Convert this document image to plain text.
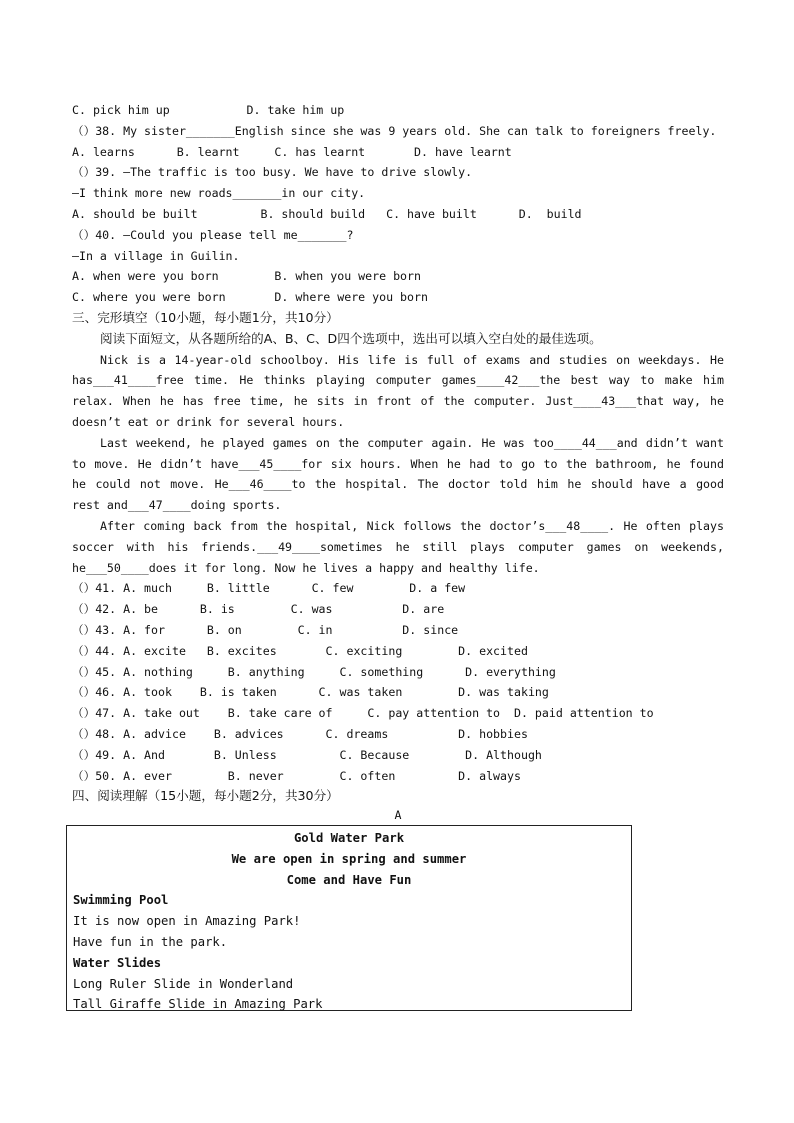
C. pick him up           D. take him up
（）38. My sister_______English since she was 9 years old. She can talk to foreigners freely.
A. learns      B. learnt     C. has learnt       D. have learnt
（）39. —The traffic is too busy. We have to drive slowly.
—I think more new roads_______in our city.
A. should be built         B. should build   C. have built      D.  build
（）40. —Could you please tell me_______?
—In a village in Guilin.
A. when were you born        B. when you were born
C. where you were born       D. where were you born
三、完形填空（10小题，每小题1分，共10分）
阅读下面短文，从各题所给的A、B、C、D四个选项中，选出可以填入空白处的最佳选项。
Nick is a 14-year-old schoolboy. His life is full of exams and studies on weekdays. He
has___41____free time. He thinks playing computer games____42___the best way to make him
relax. When he has free time, he sits in front of the computer. Just____43___that way, he
doesn’t eat or drink for several hours.
Last weekend, he played games on the computer again. He was too____44___and didn’t want
to move. He didn’t have___45____for six hours. When he had to go to the bathroom, he found
he could not move. He___46____to the hospital. The doctor told him he should have a good
rest and___47____doing sports.
After coming back from the hospital, Nick follows the doctor’s___48____. He often plays
soccer with his friends.___49____sometimes he still plays computer games on weekends,
he___50____does it for long. Now he lives a happy and healthy life.
（）41. A. much     B. little      C. few        D. a few
（）42. A. be      B. is        C. was          D. are
（）43. A. for      B. on        C. in          D. since
（）44. A. excite   B. excites       C. exciting        D. excited
（）45. A. nothing     B. anything     C. something      D. everything
（）46. A. took    B. is taken      C. was taken        D. was taking
（）47. A. take out    B. take care of     C. pay attention to  D. paid attention to
（）48. A. advice    B. advices      C. dreams          D. hobbies
（）49. A. And       B. Unless         C. Because        D. Although
（）50. A. ever        B. never        C. often         D. always
四、阅读理解（15小题，每小题2分，共30分）
A
Gold Water Park
We are open in spring and summer
Come and Have Fun
Swimming Pool
It is now open in Amazing Park!
Have fun in the park.
Water Slides
Long Ruler Slide in Wonderland
Tall Giraffe Slide in Amazing Park
